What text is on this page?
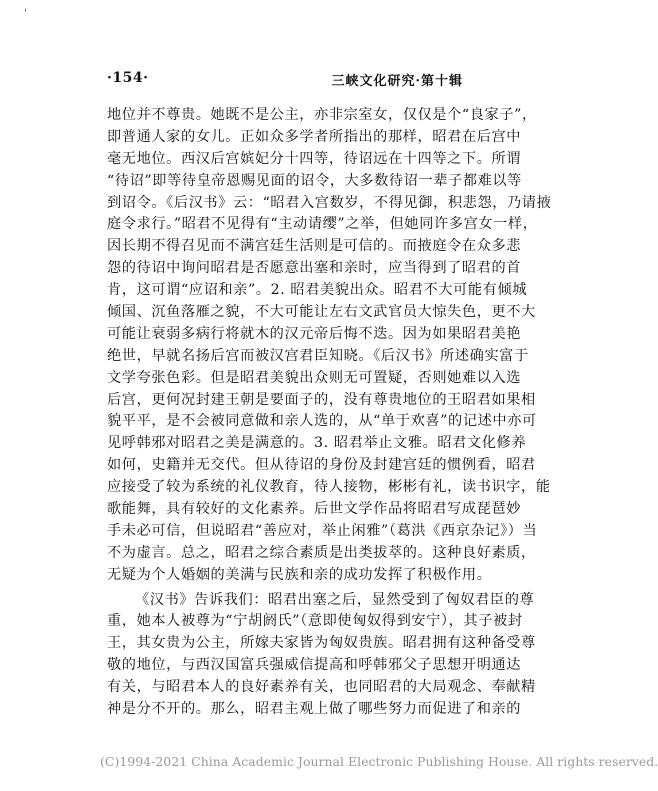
'
·154·	三峡文化研究·第十辑
地位并不尊贵。她既不是公主，亦非宗室女，仅仅是个“良家子”，
即普通人家的女儿。正如众多学者所指出的那样，昭君在后宫中
毫无地位。西汉后宫嫔妃分十四等，待诏远在十四等之下。所谓
“待诏”即等待皇帝恩赐见面的诏令，大多数待诏一辈子都难以等
到诏令。《后汉书》云：“昭君入宫数岁，不得见御，积悲怨，乃请掖
庭令求行。”昭君不见得有“主动请缨”之举，但她同许多宫女一样，
因长期不得召见而不满宫廷生活则是可信的。而掖庭令在众多悲
怨的待诏中询问昭君是否愿意出塞和亲时，应当得到了昭君的首
肯，这可谓“应诏和亲”。2. 昭君美貌出众。昭君不大可能有倾城
倾国、沉鱼落雁之貌，不大可能让左右文武官员大惊失色，更不大
可能让衰弱多病行将就木的汉元帝后悔不迭。因为如果昭君美艳
绝世，早就名扬后宫而被汉宫君臣知晓。《后汉书》所述确实富于
文学夸张色彩。但是昭君美貌出众则无可置疑，否则她难以入选
后宫，更何况封建王朝是要面子的，没有尊贵地位的王昭君如果相
貌平平，是不会被同意做和亲人选的，从“单于欢喜”的记述中亦可
见呼韩邪对昭君之美是满意的。3. 昭君举止文雅。昭君文化修养
如何，史籍并无交代。但从待诏的身份及封建宫廷的惯例看，昭君
应接受了较为系统的礼仪教育，待人接物，彬彬有礼，读书识字，能
歌能舞，具有较好的文化素养。后世文学作品将昭君写成琵琶妙
手未必可信，但说昭君“善应对，举止闲雅”（葛洪《西京杂记》）当
不为虚言。总之，昭君之综合素质是出类拔萃的。这种良好素质，
无疑为个人婚姻的美满与民族和亲的成功发挥了积极作用。
《汉书》告诉我们：昭君出塞之后，显然受到了匈奴君臣的尊
重，她本人被尊为“宁胡阏氏”（意即使匈奴得到安宁），其子被封
王，其女贵为公主，所嫁夫家皆为匈奴贵族。昭君拥有这种备受尊
敬的地位，与西汉国富兵强威信提高和呼韩邪父子思想开明通达
有关，与昭君本人的良好素养有关，也同昭君的大局观念、奉献精
神是分不开的。那么，昭君主观上做了哪些努力而促进了和亲的
(C)1994-2021 China Academic Journal Electronic Publishing House. All rights reserved.
